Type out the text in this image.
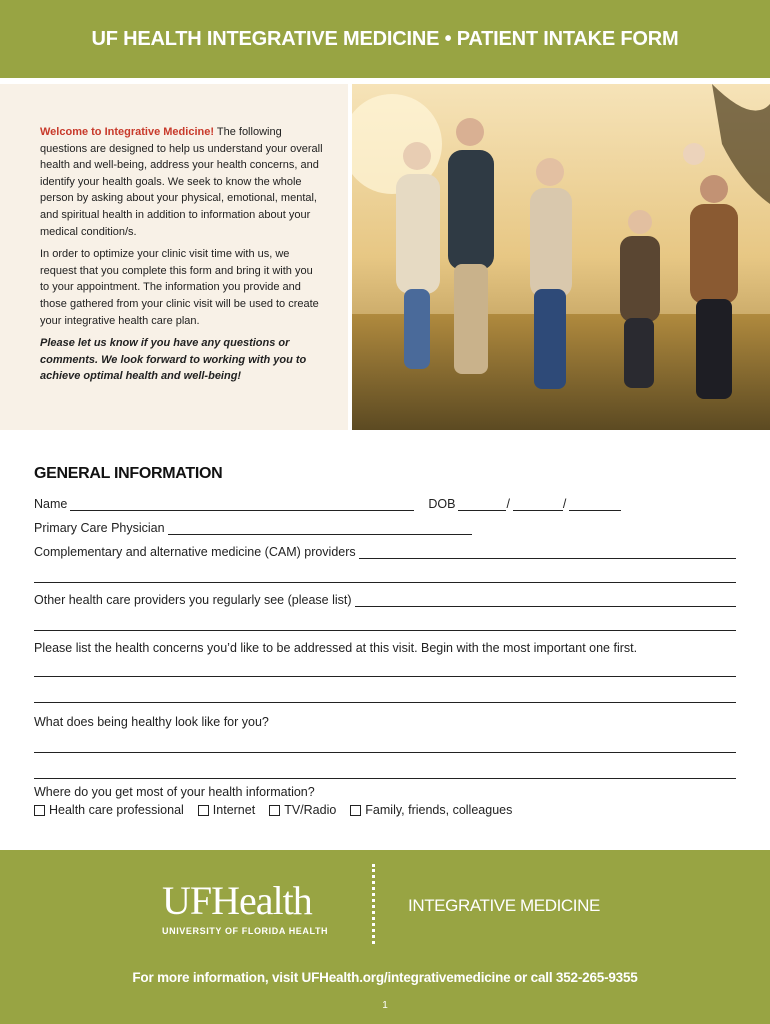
UF HEALTH INTEGRATIVE MEDICINE • PATIENT INTAKE FORM

Welcome to Integrative Medicine! The following questions are designed to help us understand your overall health and well-being, address your health concerns, and identify your health goals. We seek to know the whole person by asking about your physical, emotional, mental, and spiritual health in addition to information about your medical condition/s.

In order to optimize your clinic visit time with us, we request that you complete this form and bring it with you to your appointment. The information you provide and those gathered from your clinic visit will be used to create your integrative health care plan.

Please let us know if you have any questions or comments. We look forward to working with you to achieve optimal health and well-being!

GENERAL INFORMATION
Name	DOB	/	/
Primary Care Physician
Complementary and alternative medicine (CAM) providers
Other health care providers you regularly see (please list)
Please list the health concerns you’d like to be addressed at this visit. Begin with the most important one first.
What does being healthy look like for you?
Where do you get most of your health information?
Health care professional Internet TV/Radio Family, friends, colleagues
UFHealth
UNIVERSITY OF FLORIDA HEALTH
INTEGRATIVE MEDICINE
For more information, visit UFHealth.org/integrativemedicine or call 352-265-9355
1
